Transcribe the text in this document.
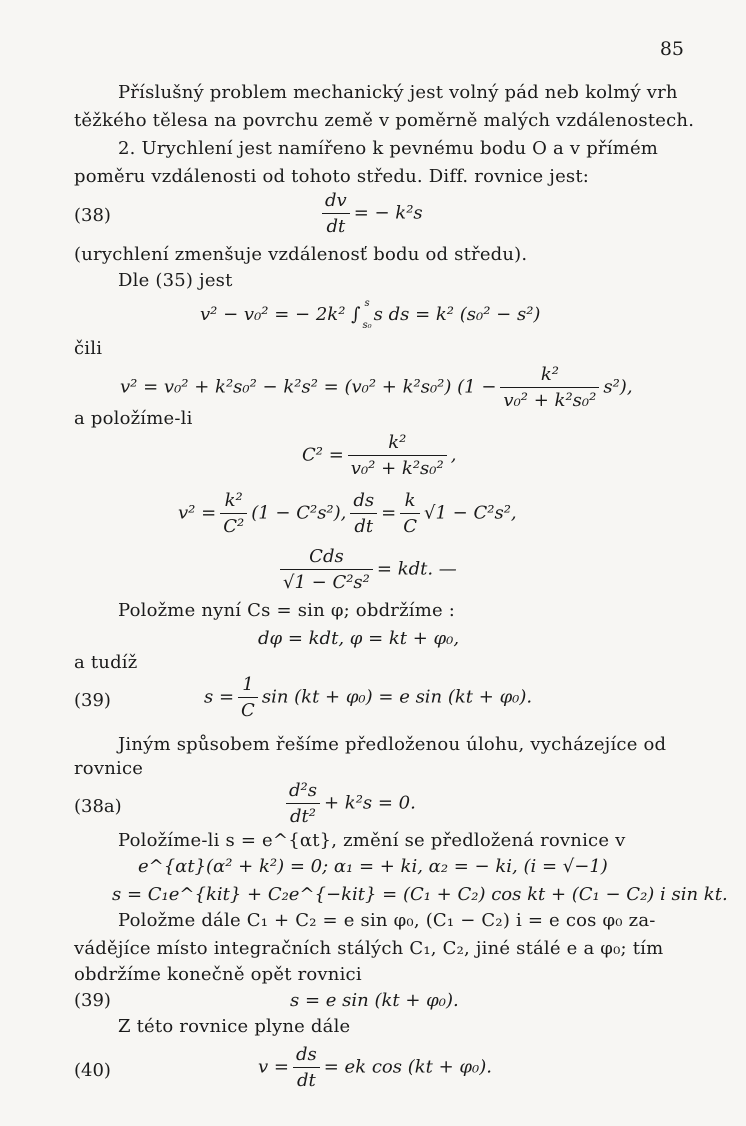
85
Příslušný problem mechanický jest volný pád neb kolmý vrh
těžkého tělesa na povrchu země v poměrně malých vzdálenostech.
2. Urychlení jest namířeno k pevnému bodu O a v přímém
poměru vzdálenosti od tohoto středu. Diff. rovnice jest:
(38)	$\frac{dv}{dt}$ = − k²s
(urychlení zmenšuje vzdálenosť bodu od středu).
Dle (35) jest
v² − v₀² = − 2k² ∫
s
s₀
s ds = k² (s₀² − s²)
čili
v² = v₀² + k²s₀² − k²s² = (v₀² + k²s₀²) $(1 - \frac{\text{k²}}{\text{v₀² + k²s₀²}} s^2)$,
a položíme-li
$C^2 = \frac{\text{k²}}{\text{v₀² + k²s₀²}}$ ,
$v^2 = \frac{\text{k²}}{\text{C²}} (1 - C^2s^2)$, $\frac{ds}{dt} = \frac{k}{C} √1 - C^2s^2$,
$\frac{\text{Cds}}{\text{√1 − C²s²}}$ = kdt. —
Položme nyní Cs = sin φ; obdržíme :
dφ = kdt, φ = kt + φ₀,
a tudíž
(39)	$s = \frac{1}{C}$ sin (kt + φ₀) = e sin (kt + φ₀).
Jiným spůsobem řešíme předloženou úlohu, vycházejíce od
rovnice
(38a)	$\frac{\text{d²s}}{\text{dt²}} + k^2s = 0$.
Položíme-li s = e^{αt}, změní se předložená rovnice v
e^{αt}(α² + k²) = 0; α₁ = + ki, α₂ = − ki, (i = √−1)
s = C₁e^{kit} + C₂e^{−kit} = (C₁ + C₂) cos kt + (C₁ − C₂) i sin kt.
Položme dále C₁ + C₂ = e sin φ₀, (C₁ − C₂) i = e cos φ₀ za-
vádějíce místo integračních stálých C₁, C₂, jiné stálé e a φ₀; tím
obdržíme konečně opět rovnici
(39)	s = e sin (kt + φ₀).
Z této rovnice plyne dále
(40)	$v = \frac{ds}{dt}$ = ek cos (kt + φ₀).
